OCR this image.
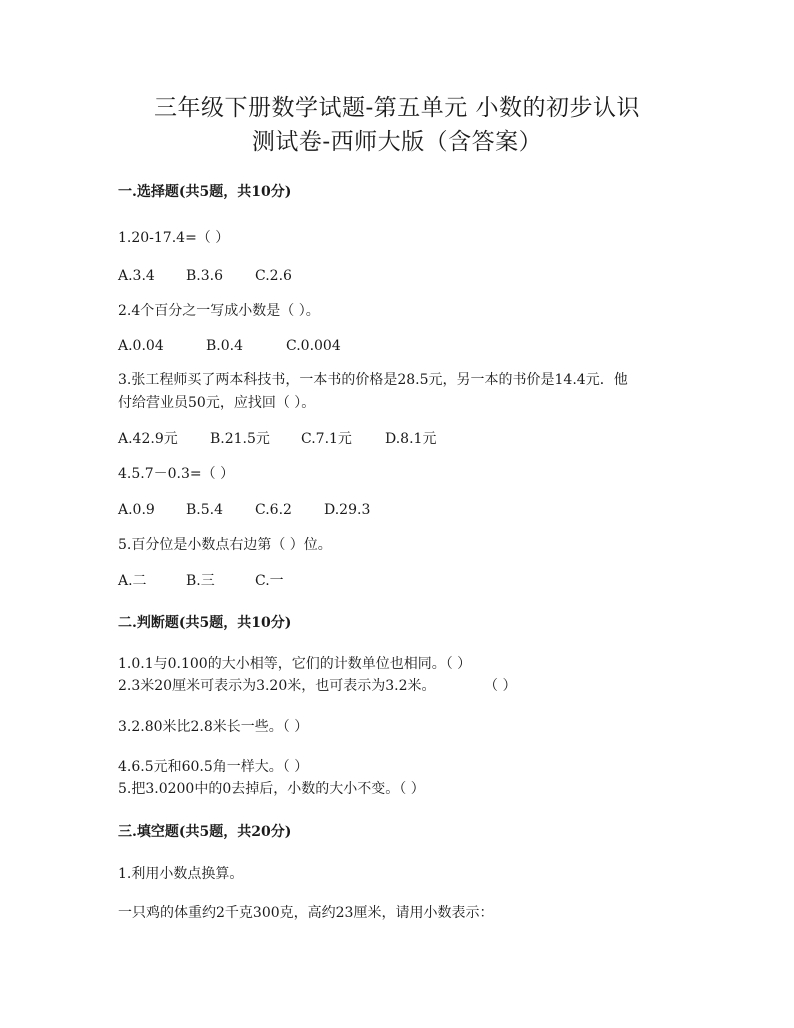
三年级下册数学试题-第五单元 小数的初步认识
测试卷-西师大版（含答案）
一.选择题(共5题，共10分)
1.20-17.4=（ ）
A.3.4 B.3.6 C.2.6
2.4个百分之一写成小数是（ ）。
A.0.04	B.0.4	C.0.004
3.张工程师买了两本科技书，一本书的价格是28.5元，另一本的书价是14.4元．他
付给营业员50元，应找回（ ）。
A.42.9元 B.21.5元 C.7.1元 D.8.1元
4.5.7－0.3=（ ）
A.0.9 B.5.4 C.6.2 D.29.3
5.百分位是小数点右边第（ ）位。
A.二	B.三	C.一
二.判断题(共5题，共10分)
1.0.1与0.100的大小相等，它们的计数单位也相同。（ ）
2.3米20厘米可表示为3.20米，也可表示为3.2米。	（ ）
3.2.80米比2.8米长一些。（ ）
4.6.5元和60.5角一样大。（ ）
5.把3.0200中的0去掉后，小数的大小不变。（ ）
三.填空题(共5题，共20分)
1.利用小数点换算。
一只鸡的体重约2千克300克，高约23厘米，请用小数表示：
